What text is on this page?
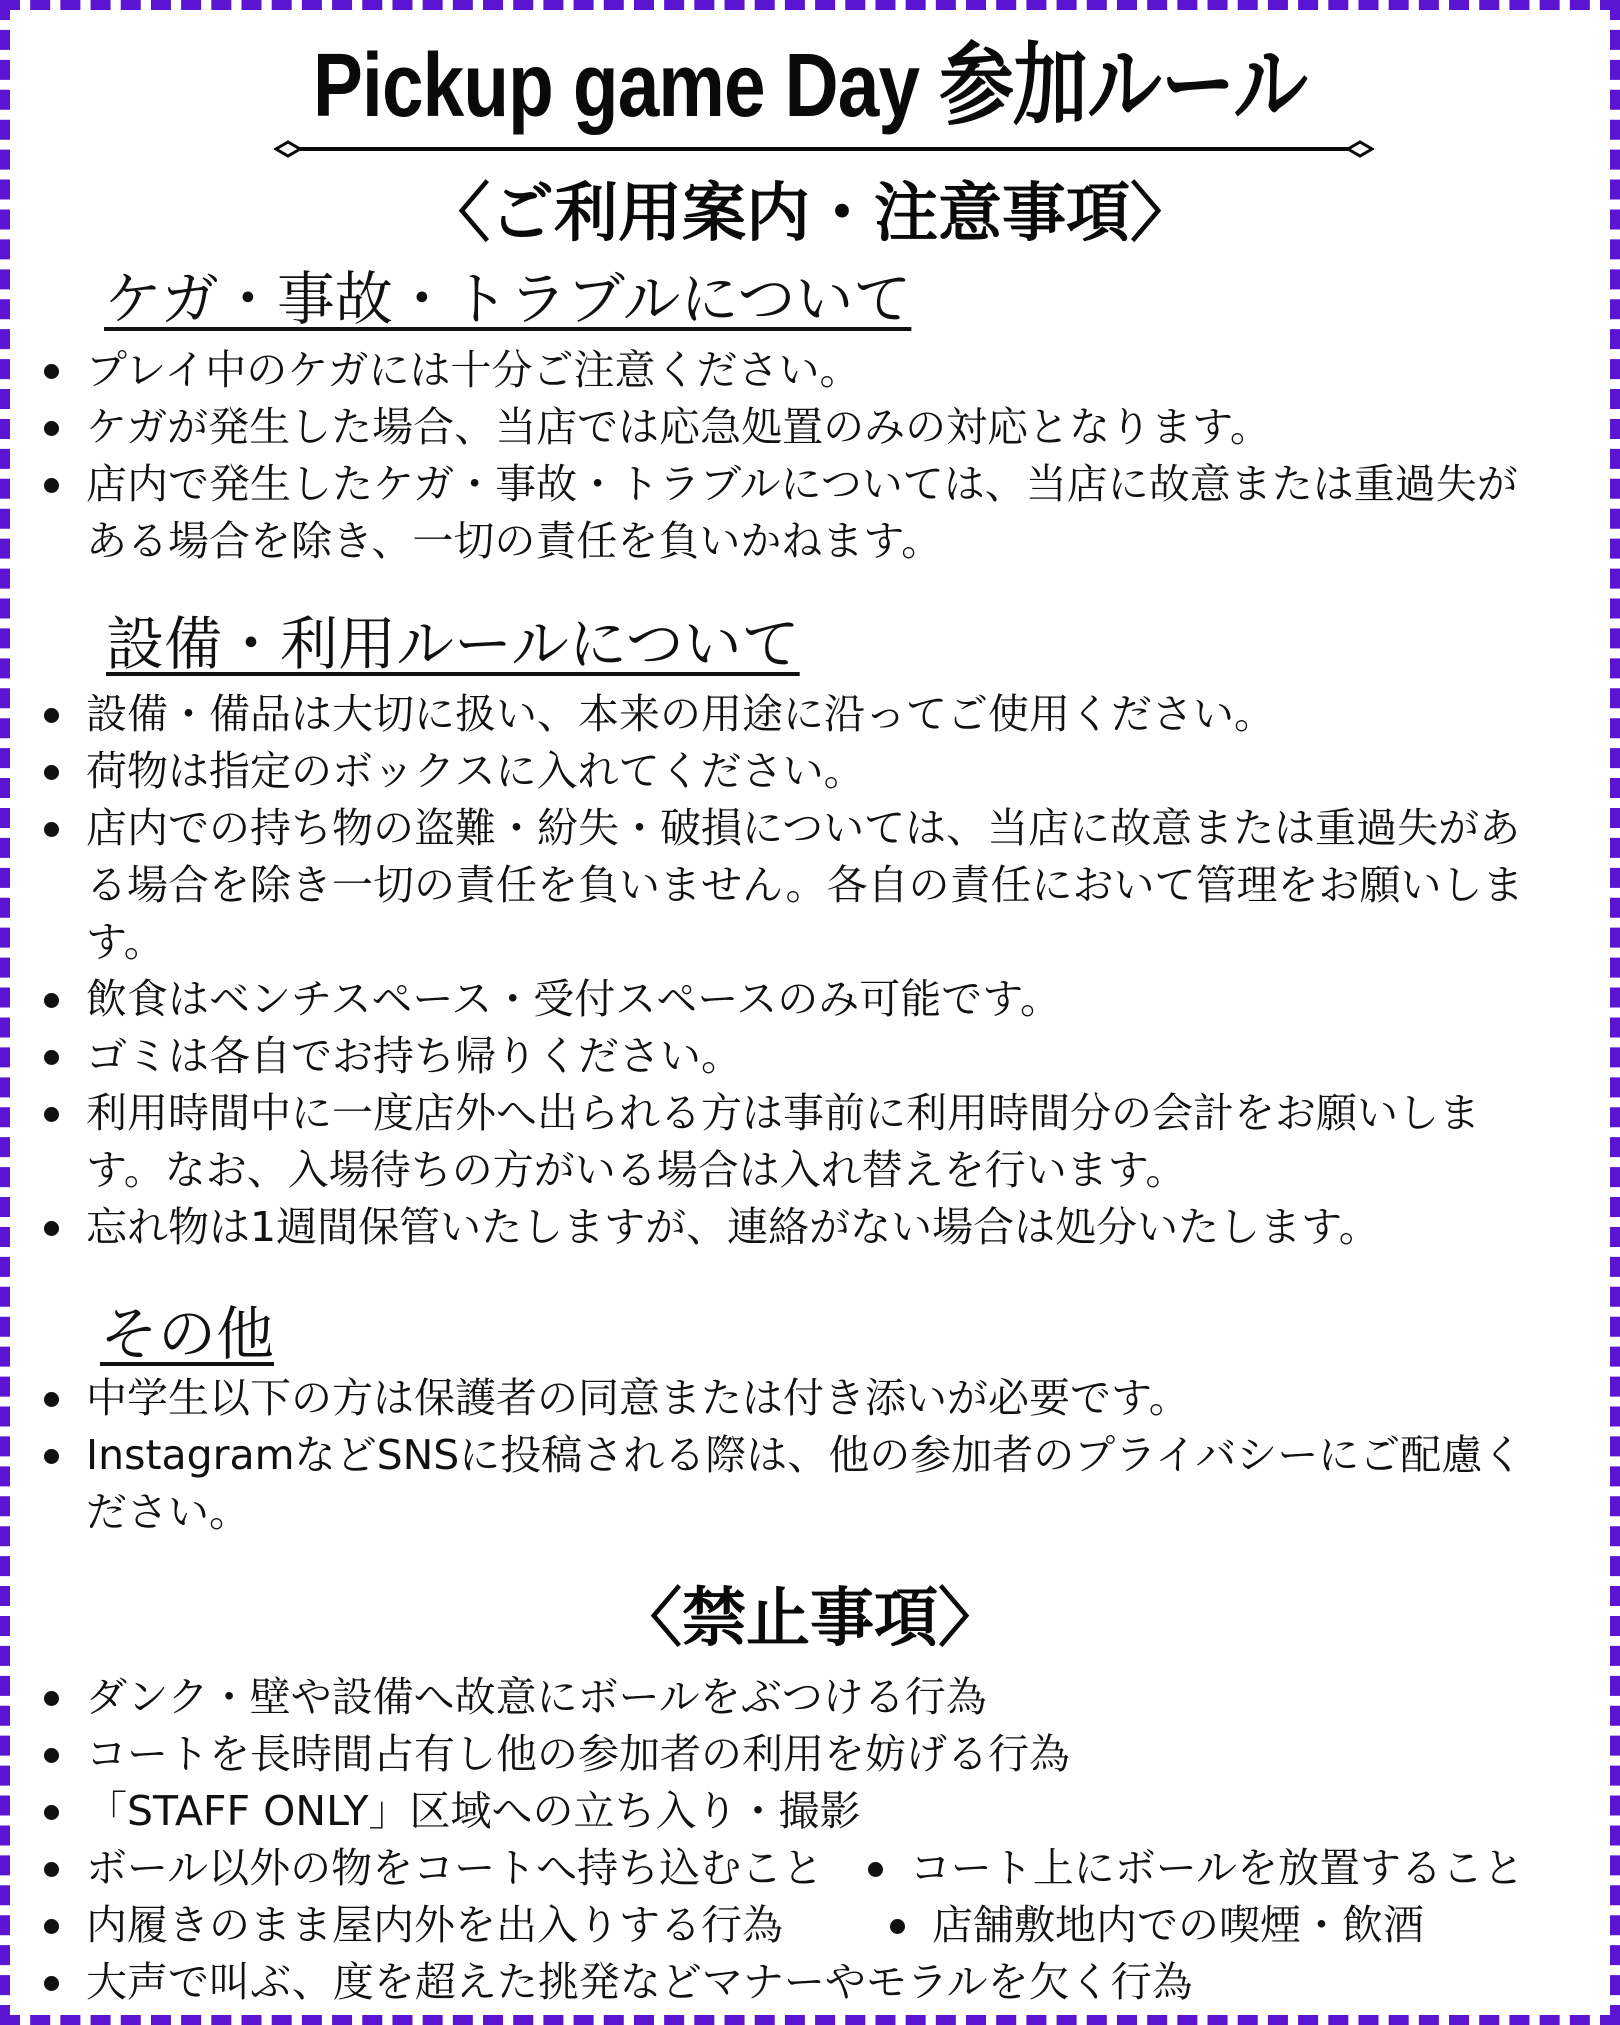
Pickup game Day 参加ルール
〈ご利用案内・注意事項〉
ケガ・事故・トラブルについて
プレイ中のケガには十分ご注意ください。
ケガが発生した場合、当店では応急処置のみの対応となります。
店内で発生したケガ・事故・トラブルについては、当店に故意または重過失がある場合を除き、一切の責任を負いかねます。
設備・利用ルールについて
設備・備品は大切に扱い、本来の用途に沿ってご使用ください。
荷物は指定のボックスに入れてください。
店内での持ち物の盗難・紛失・破損については、当店に故意または重過失がある場合を除き一切の責任を負いません。各自の責任において管理をお願いします。
飲食はベンチスペース・受付スペースのみ可能です。
ゴミは各自でお持ち帰りください。
利用時間中に一度店外へ出られる方は事前に利用時間分の会計をお願いします。なお、入場待ちの方がいる場合は入れ替えを行います。
忘れ物は1週間保管いたしますが、連絡がない場合は処分いたします。
その他
中学生以下の方は保護者の同意または付き添いが必要です。
InstagramなどSNSに投稿される際は、他の参加者のプライバシーにご配慮ください。
〈禁止事項〉
ダンク・壁や設備へ故意にボールをぶつける行為
コートを長時間占有し他の参加者の利用を妨げる行為
「STAFF ONLY」区域への立ち入り・撮影
ボール以外の物をコートへ持ち込むこと	コート上にボールを放置すること
内履きのまま屋内外を出入りする行為	店舗敷地内での喫煙・飲酒
大声で叫ぶ、度を超えた挑発などマナーやモラルを欠く行為
